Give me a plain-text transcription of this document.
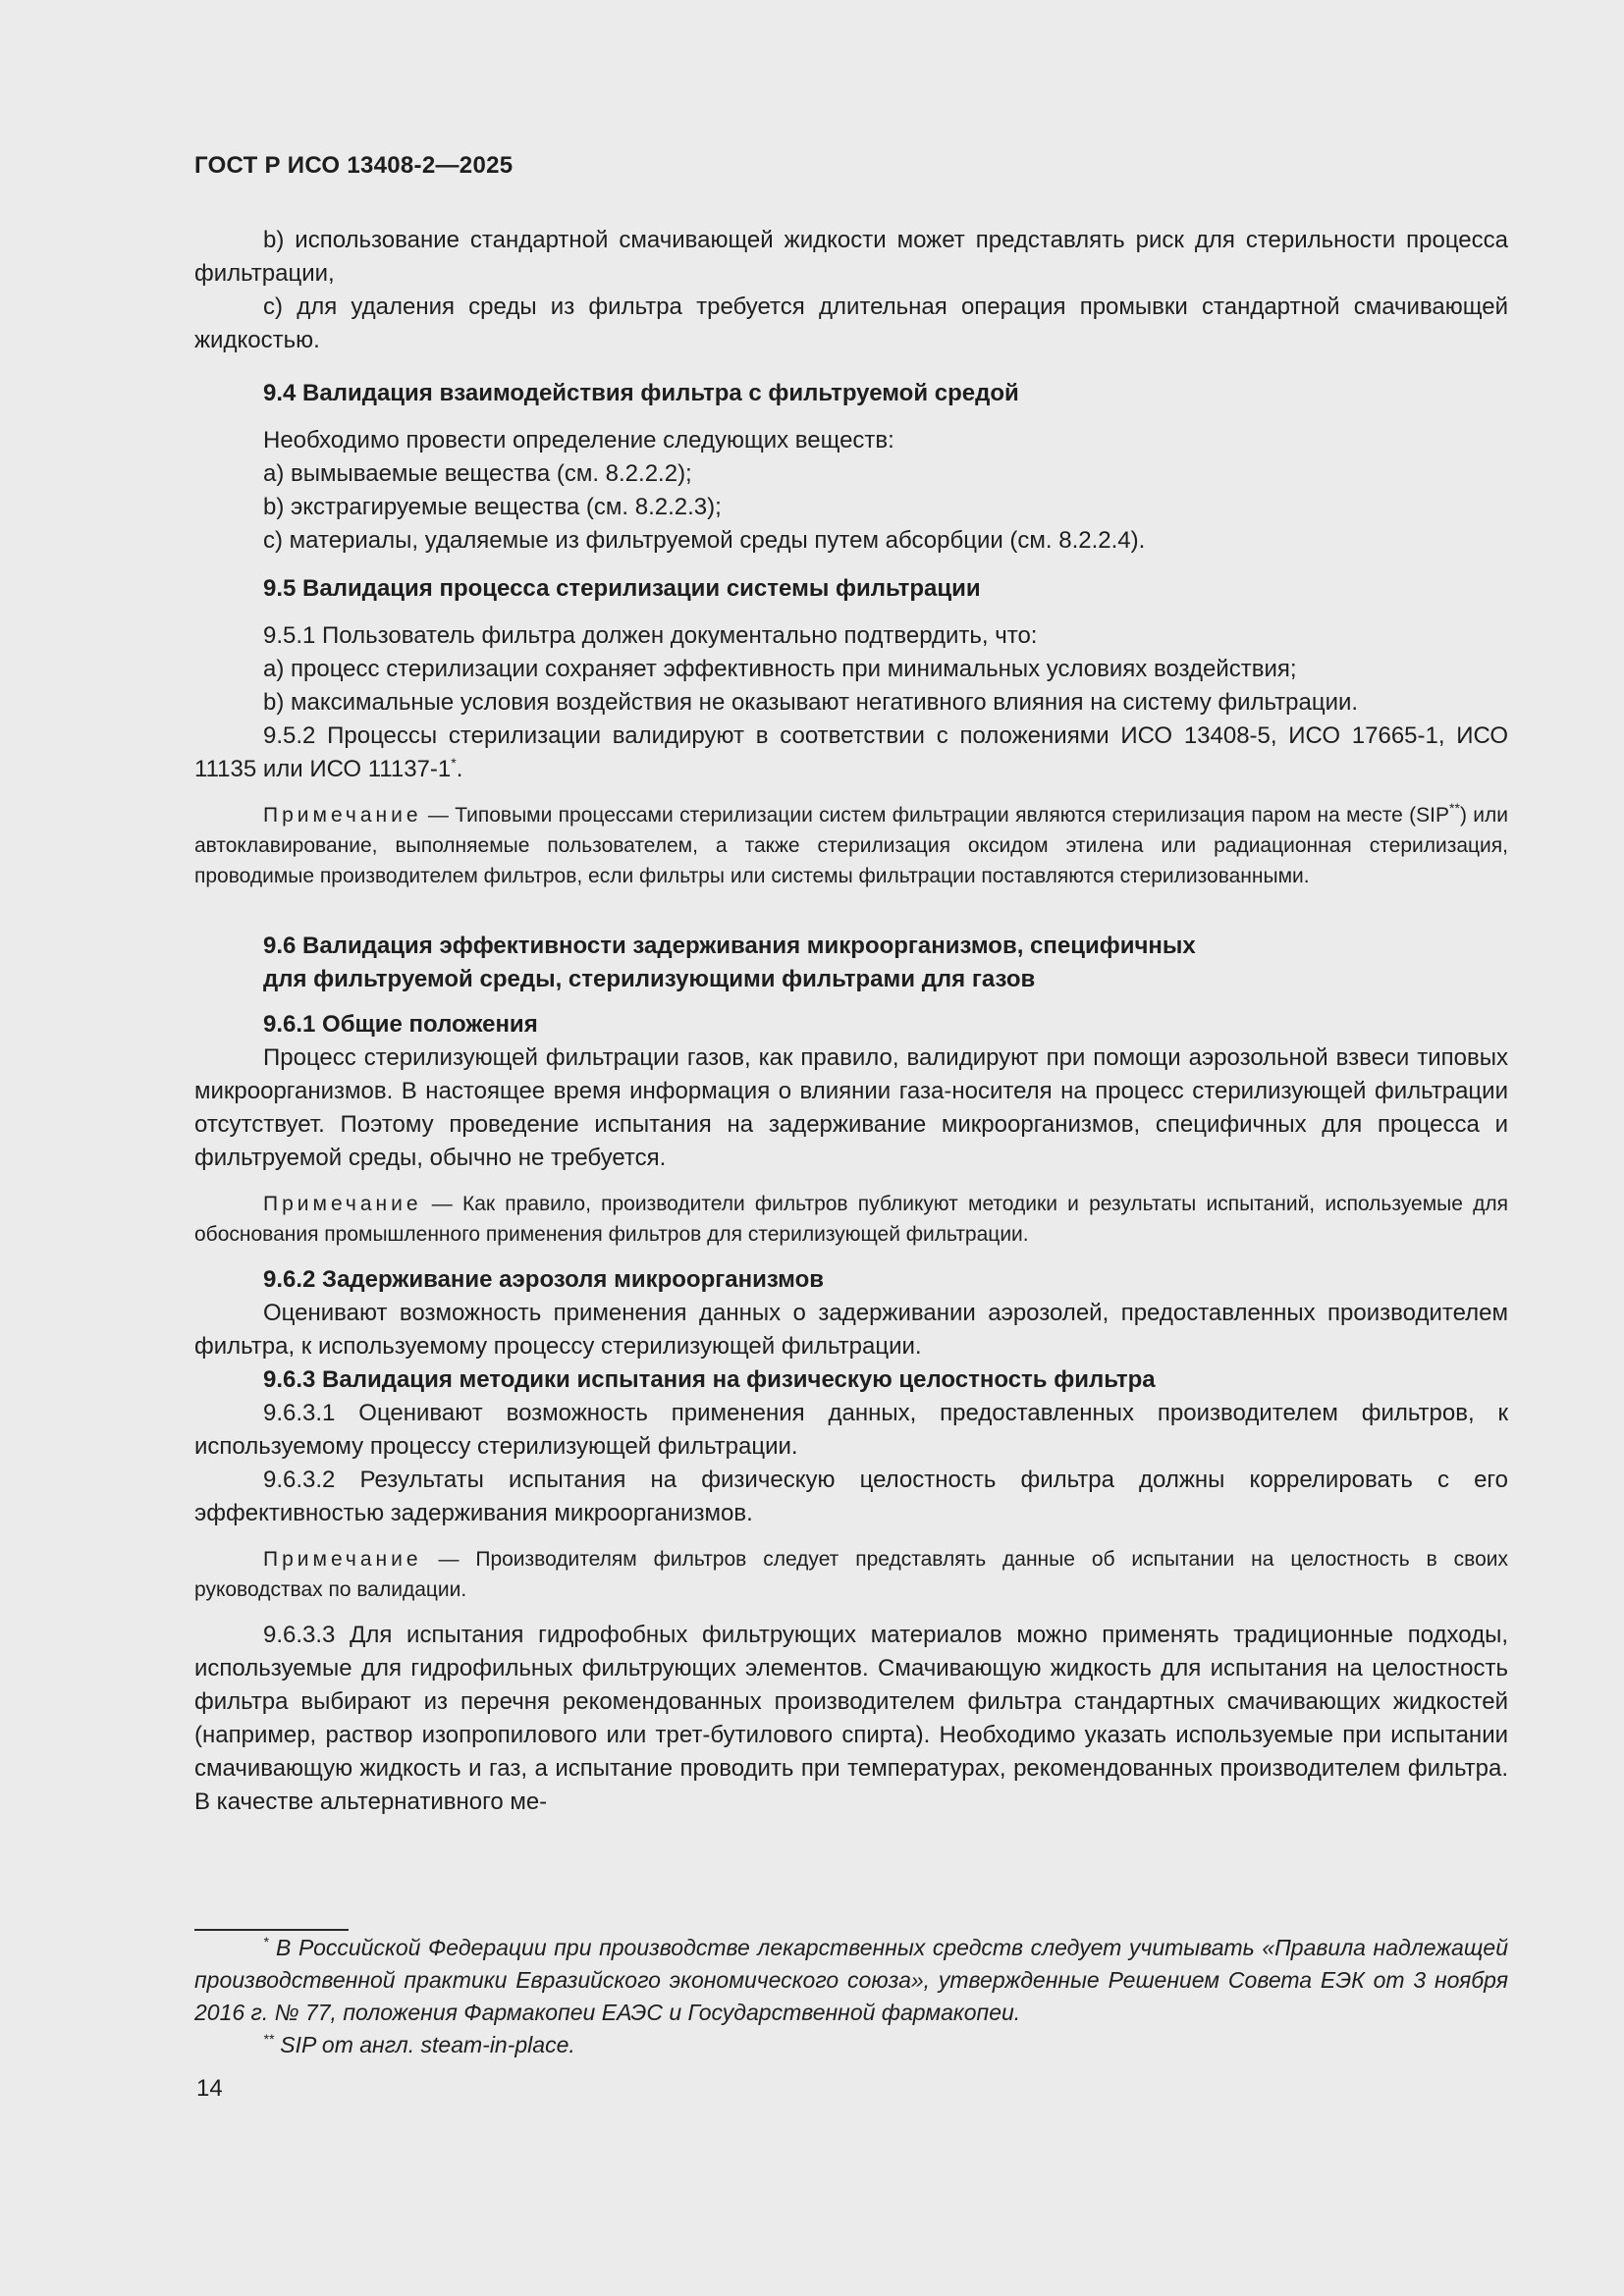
ГОСТ Р ИСО 13408-2—2025

b) использование стандартной смачивающей жидкости может представлять риск для стерильности процесса фильтрации,

c) для удаления среды из фильтра требуется длительная операция промывки стандартной смачивающей жидкостью.

9.4 Валидация взаимодействия фильтра с фильтруемой средой

Необходимо провести определение следующих веществ:

a) вымываемые вещества (см. 8.2.2.2);

b) экстрагируемые вещества (см. 8.2.2.3);

c) материалы, удаляемые из фильтруемой среды путем абсорбции (см. 8.2.2.4).

9.5 Валидация процесса стерилизации системы фильтрации

9.5.1 Пользователь фильтра должен документально подтвердить, что:

a) процесс стерилизации сохраняет эффективность при минимальных условиях воздействия;

b) максимальные условия воздействия не оказывают негативного влияния на систему фильтрации.

9.5.2 Процессы стерилизации валидируют в соответствии с положениями ИСО 13408-5, ИСО 17665-1, ИСО 11135 или ИСО 11137-1*.

Примечание — Типовыми процессами стерилизации систем фильтрации являются стерилизация паром на месте (SIP**) или автоклавирование, выполняемые пользователем, а также стерилизация оксидом этилена или радиационная стерилизация, проводимые производителем фильтров, если фильтры или системы фильтрации поставляются стерилизованными.

9.6 Валидация эффективности задерживания микроорганизмов, специфичных

для фильтруемой среды, стерилизующими фильтрами для газов

9.6.1 Общие положения

Процесс стерилизующей фильтрации газов, как правило, валидируют при помощи аэрозольной взвеси типовых микроорганизмов. В настоящее время информация о влиянии газа-носителя на процесс стерилизующей фильтрации отсутствует. Поэтому проведение испытания на задерживание микроорганизмов, специфичных для процесса и фильтруемой среды, обычно не требуется.

Примечание — Как правило, производители фильтров публикуют методики и результаты испытаний, используемые для обоснования промышленного применения фильтров для стерилизующей фильтрации.

9.6.2 Задерживание аэрозоля микроорганизмов

Оценивают возможность применения данных о задерживании аэрозолей, предоставленных производителем фильтра, к используемому процессу стерилизующей фильтрации.

9.6.3 Валидация методики испытания на физическую целостность фильтра

9.6.3.1 Оценивают возможность применения данных, предоставленных производителем фильтров, к используемому процессу стерилизующей фильтрации.

9.6.3.2 Результаты испытания на физическую целостность фильтра должны коррелировать с его эффективностью задерживания микроорганизмов.

Примечание — Производителям фильтров следует представлять данные об испытании на целостность в своих руководствах по валидации.

9.6.3.3 Для испытания гидрофобных фильтрующих материалов можно применять традиционные подходы, используемые для гидрофильных фильтрующих элементов. Смачивающую жидкость для испытания на целостность фильтра выбирают из перечня рекомендованных производителем фильтра стандартных смачивающих жидкостей (например, раствор изопропилового или трет-бутилового спирта). Необходимо указать используемые при испытании смачивающую жидкость и газ, а испытание проводить при температурах, рекомендованных производителем фильтра. В качестве альтернативного ме-

* В Российской Федерации при производстве лекарственных средств следует учитывать «Правила надлежащей производственной практики Евразийского экономического союза», утвержденные Решением Совета ЕЭК от 3 ноября 2016 г. № 77, положения Фармакопеи ЕАЭС и Государственной фармакопеи.

** SIP от англ. steam-in-place.

14
